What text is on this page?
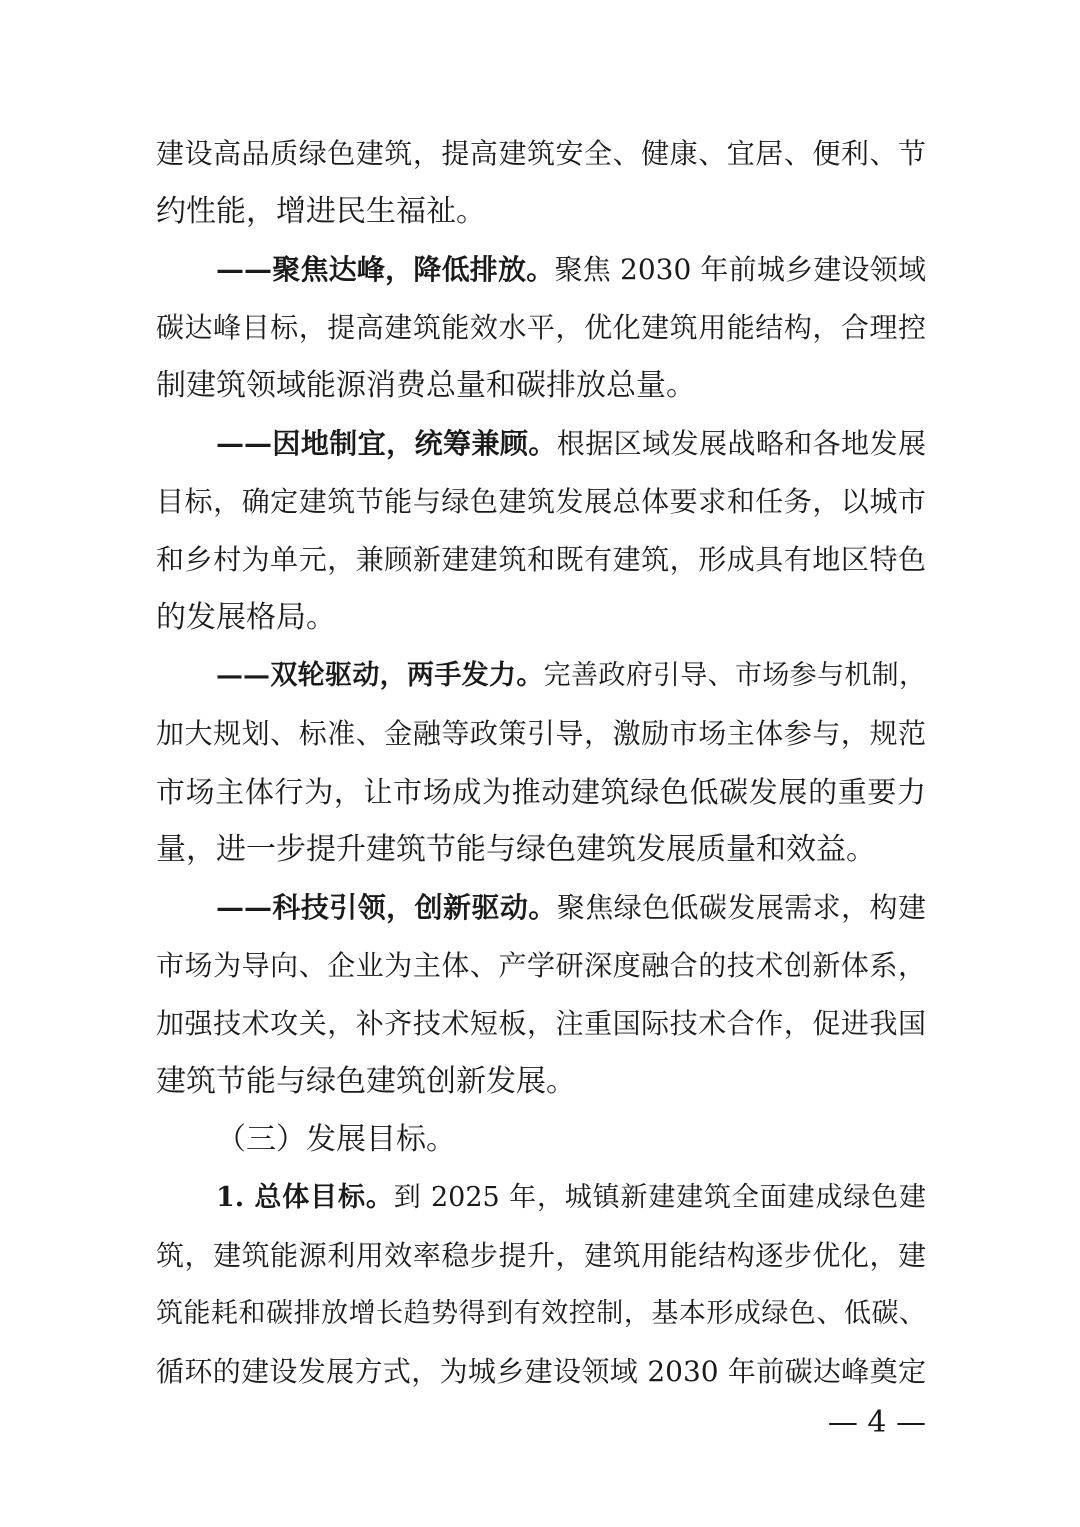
建设高品质绿色建筑，提高建筑安全、健康、宜居、便利、节
约性能，增进民生福祉。
——聚焦达峰，降低排放。聚焦 2030 年前城乡建设领域
碳达峰目标，提高建筑能效水平，优化建筑用能结构，合理控
制建筑领域能源消费总量和碳排放总量。
——因地制宜，统筹兼顾。根据区域发展战略和各地发展
目标，确定建筑节能与绿色建筑发展总体要求和任务，以城市
和乡村为单元，兼顾新建建筑和既有建筑，形成具有地区特色
的发展格局。
——双轮驱动，两手发力。完善政府引导、市场参与机制，
加大规划、标准、金融等政策引导，激励市场主体参与，规范
市场主体行为，让市场成为推动建筑绿色低碳发展的重要力
量，进一步提升建筑节能与绿色建筑发展质量和效益。
——科技引领，创新驱动。聚焦绿色低碳发展需求，构建
市场为导向、企业为主体、产学研深度融合的技术创新体系，
加强技术攻关，补齐技术短板，注重国际技术合作，促进我国
建筑节能与绿色建筑创新发展。
（三）发展目标。
1. 总体目标。到 2025 年，城镇新建建筑全面建成绿色建
筑，建筑能源利用效率稳步提升，建筑用能结构逐步优化，建
筑能耗和碳排放增长趋势得到有效控制，基本形成绿色、低碳、
循环的建设发展方式，为城乡建设领域 2030 年前碳达峰奠定
— 4 —
